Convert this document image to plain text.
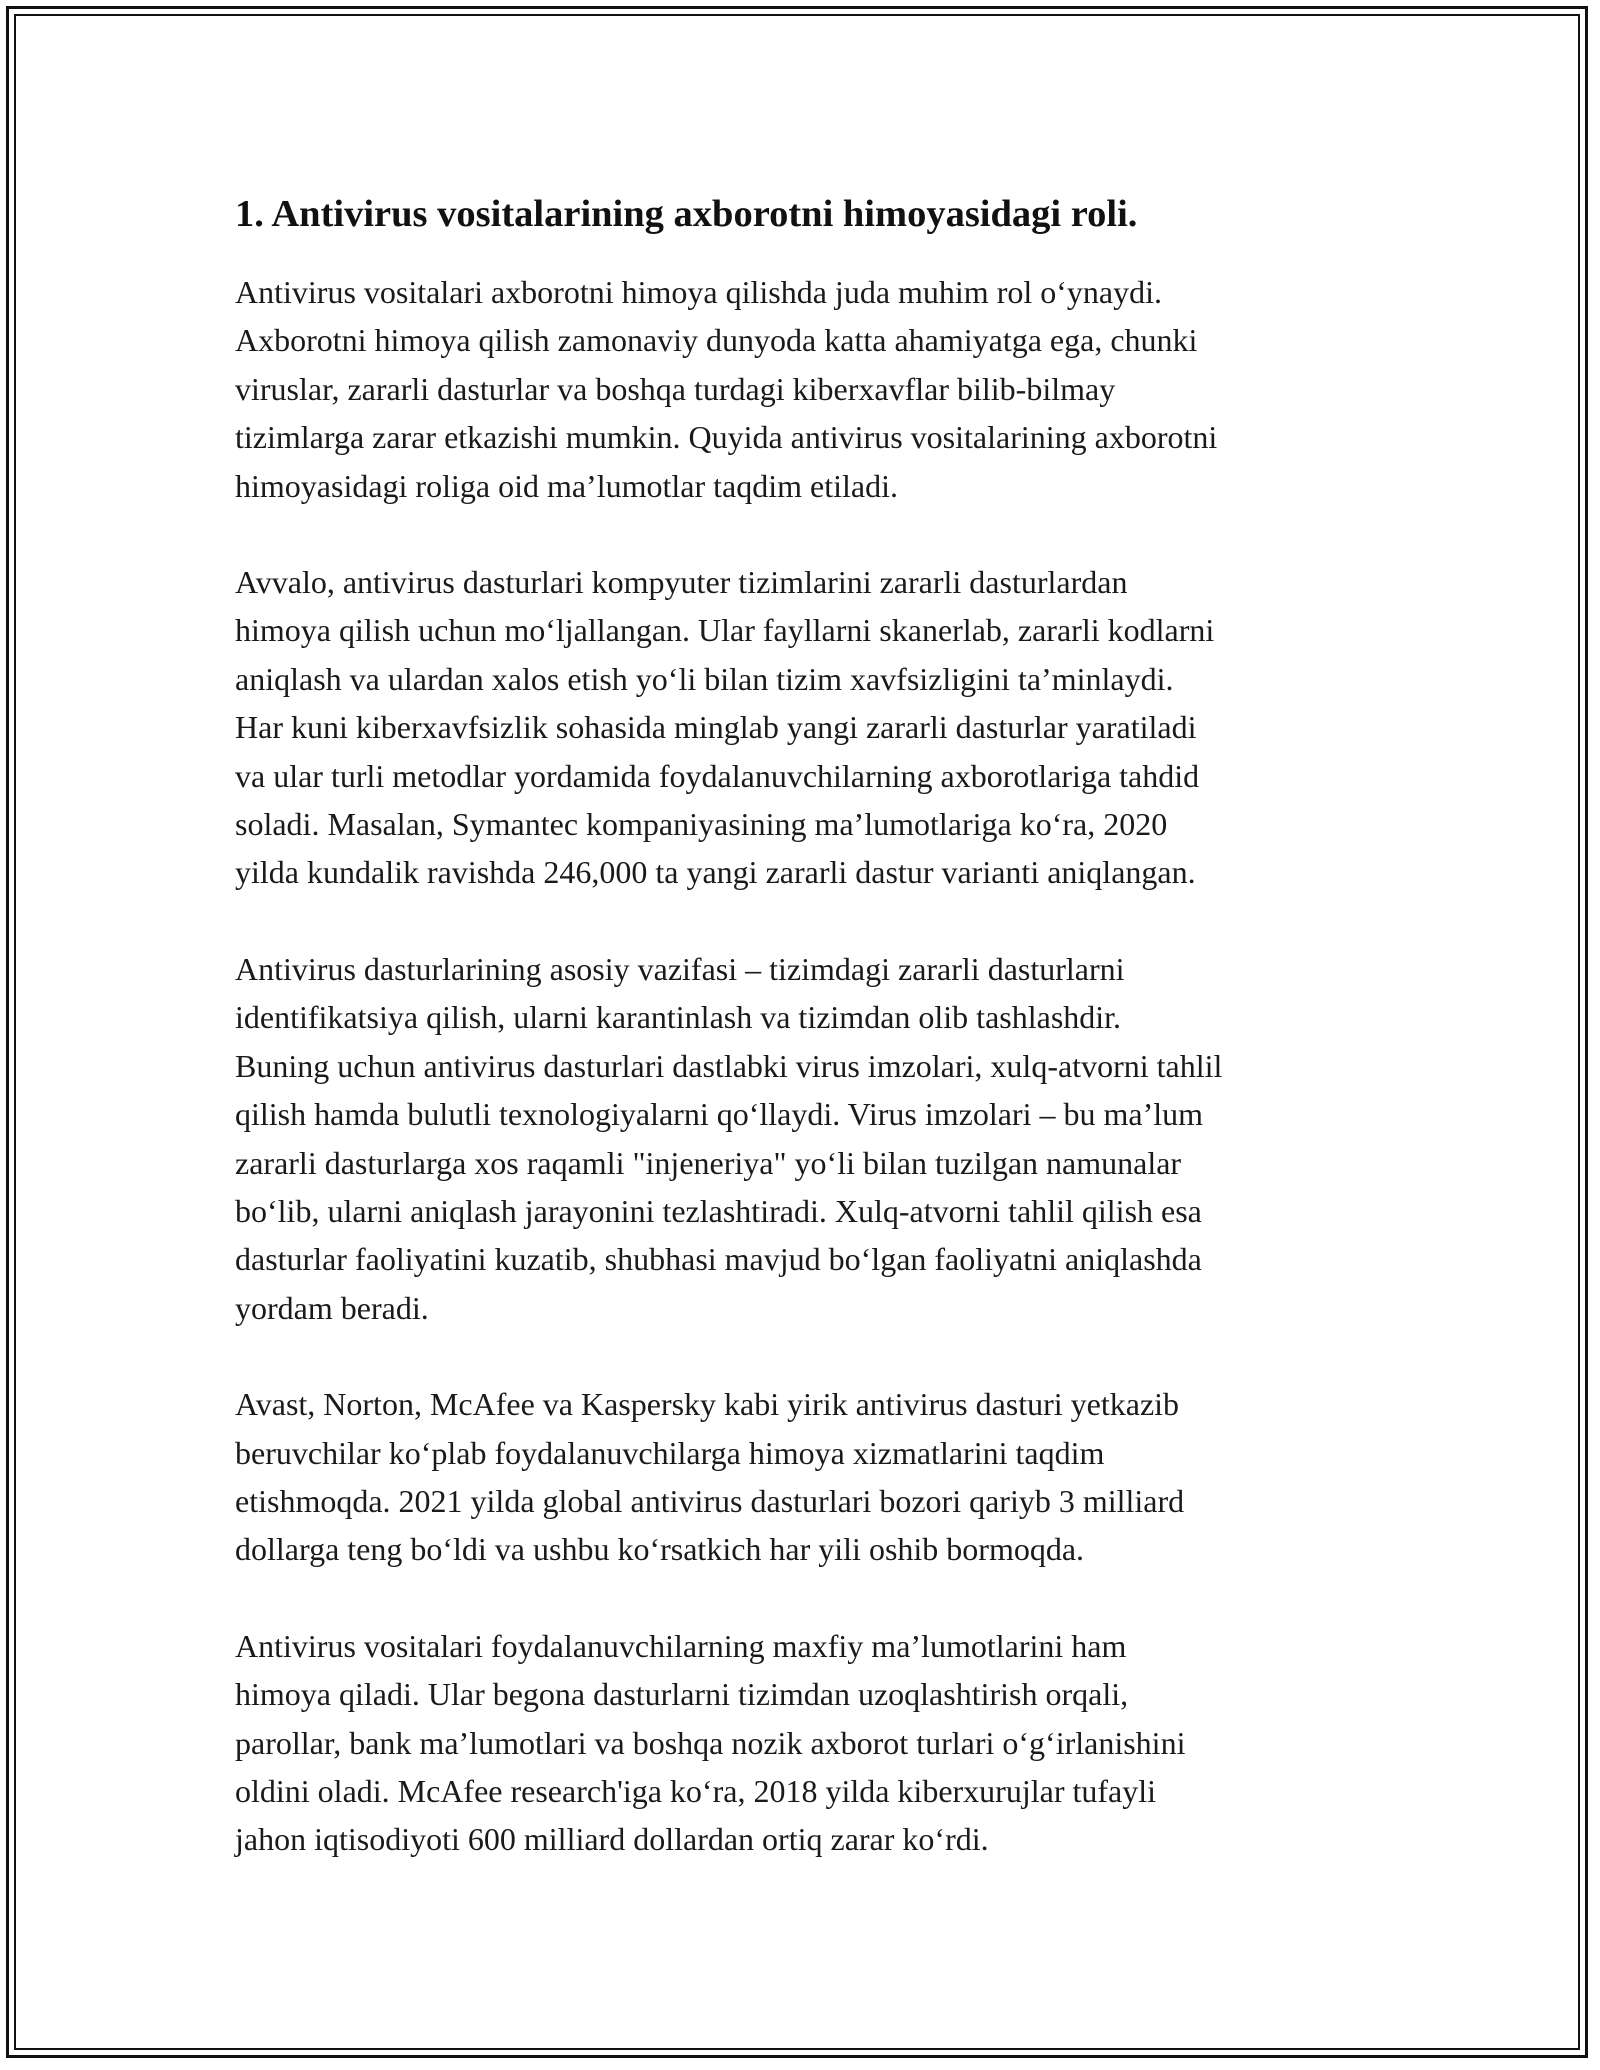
1. Antivirus vositalarining axborotni himoyasidagi roli.

Antivirus vositalari axborotni himoya qilishda juda muhim rol o‘ynaydi.
Axborotni himoya qilish zamonaviy dunyoda katta ahamiyatga ega, chunki
viruslar, zararli dasturlar va boshqa turdagi kiberxavflar bilib-bilmay
tizimlarga zarar etkazishi mumkin. Quyida antivirus vositalarining axborotni
himoyasidagi roliga oid ma’lumotlar taqdim etiladi.

Avvalo, antivirus dasturlari kompyuter tizimlarini zararli dasturlardan
himoya qilish uchun mo‘ljallangan. Ular fayllarni skanerlab, zararli kodlarni
aniqlash va ulardan xalos etish yo‘li bilan tizim xavfsizligini ta’minlaydi.
Har kuni kiberxavfsizlik sohasida minglab yangi zararli dasturlar yaratiladi
va ular turli metodlar yordamida foydalanuvchilarning axborotlariga tahdid
soladi. Masalan, Symantec kompaniyasining ma’lumotlariga ko‘ra, 2020
yilda kundalik ravishda 246,000 ta yangi zararli dastur varianti aniqlangan.

Antivirus dasturlarining asosiy vazifasi – tizimdagi zararli dasturlarni
identifikatsiya qilish, ularni karantinlash va tizimdan olib tashlashdir.
Buning uchun antivirus dasturlari dastlabki virus imzolari, xulq-atvorni tahlil
qilish hamda bulutli texnologiyalarni qo‘llaydi. Virus imzolari – bu ma’lum
zararli dasturlarga xos raqamli "injeneriya" yo‘li bilan tuzilgan namunalar
bo‘lib, ularni aniqlash jarayonini tezlashtiradi. Xulq-atvorni tahlil qilish esa
dasturlar faoliyatini kuzatib, shubhasi mavjud bo‘lgan faoliyatni aniqlashda
yordam beradi.

Avast, Norton, McAfee va Kaspersky kabi yirik antivirus dasturi yetkazib
beruvchilar ko‘plab foydalanuvchilarga himoya xizmatlarini taqdim
etishmoqda. 2021 yilda global antivirus dasturlari bozori qariyb 3 milliard
dollarga teng bo‘ldi va ushbu ko‘rsatkich har yili oshib bormoqda.

Antivirus vositalari foydalanuvchilarning maxfiy ma’lumotlarini ham
himoya qiladi. Ular begona dasturlarni tizimdan uzoqlashtirish orqali,
parollar, bank ma’lumotlari va boshqa nozik axborot turlari o‘g‘irlanishini
oldini oladi. McAfee research'iga ko‘ra, 2018 yilda kiberxurujlar tufayli
jahon iqtisodiyoti 600 milliard dollardan ortiq zarar ko‘rdi.
